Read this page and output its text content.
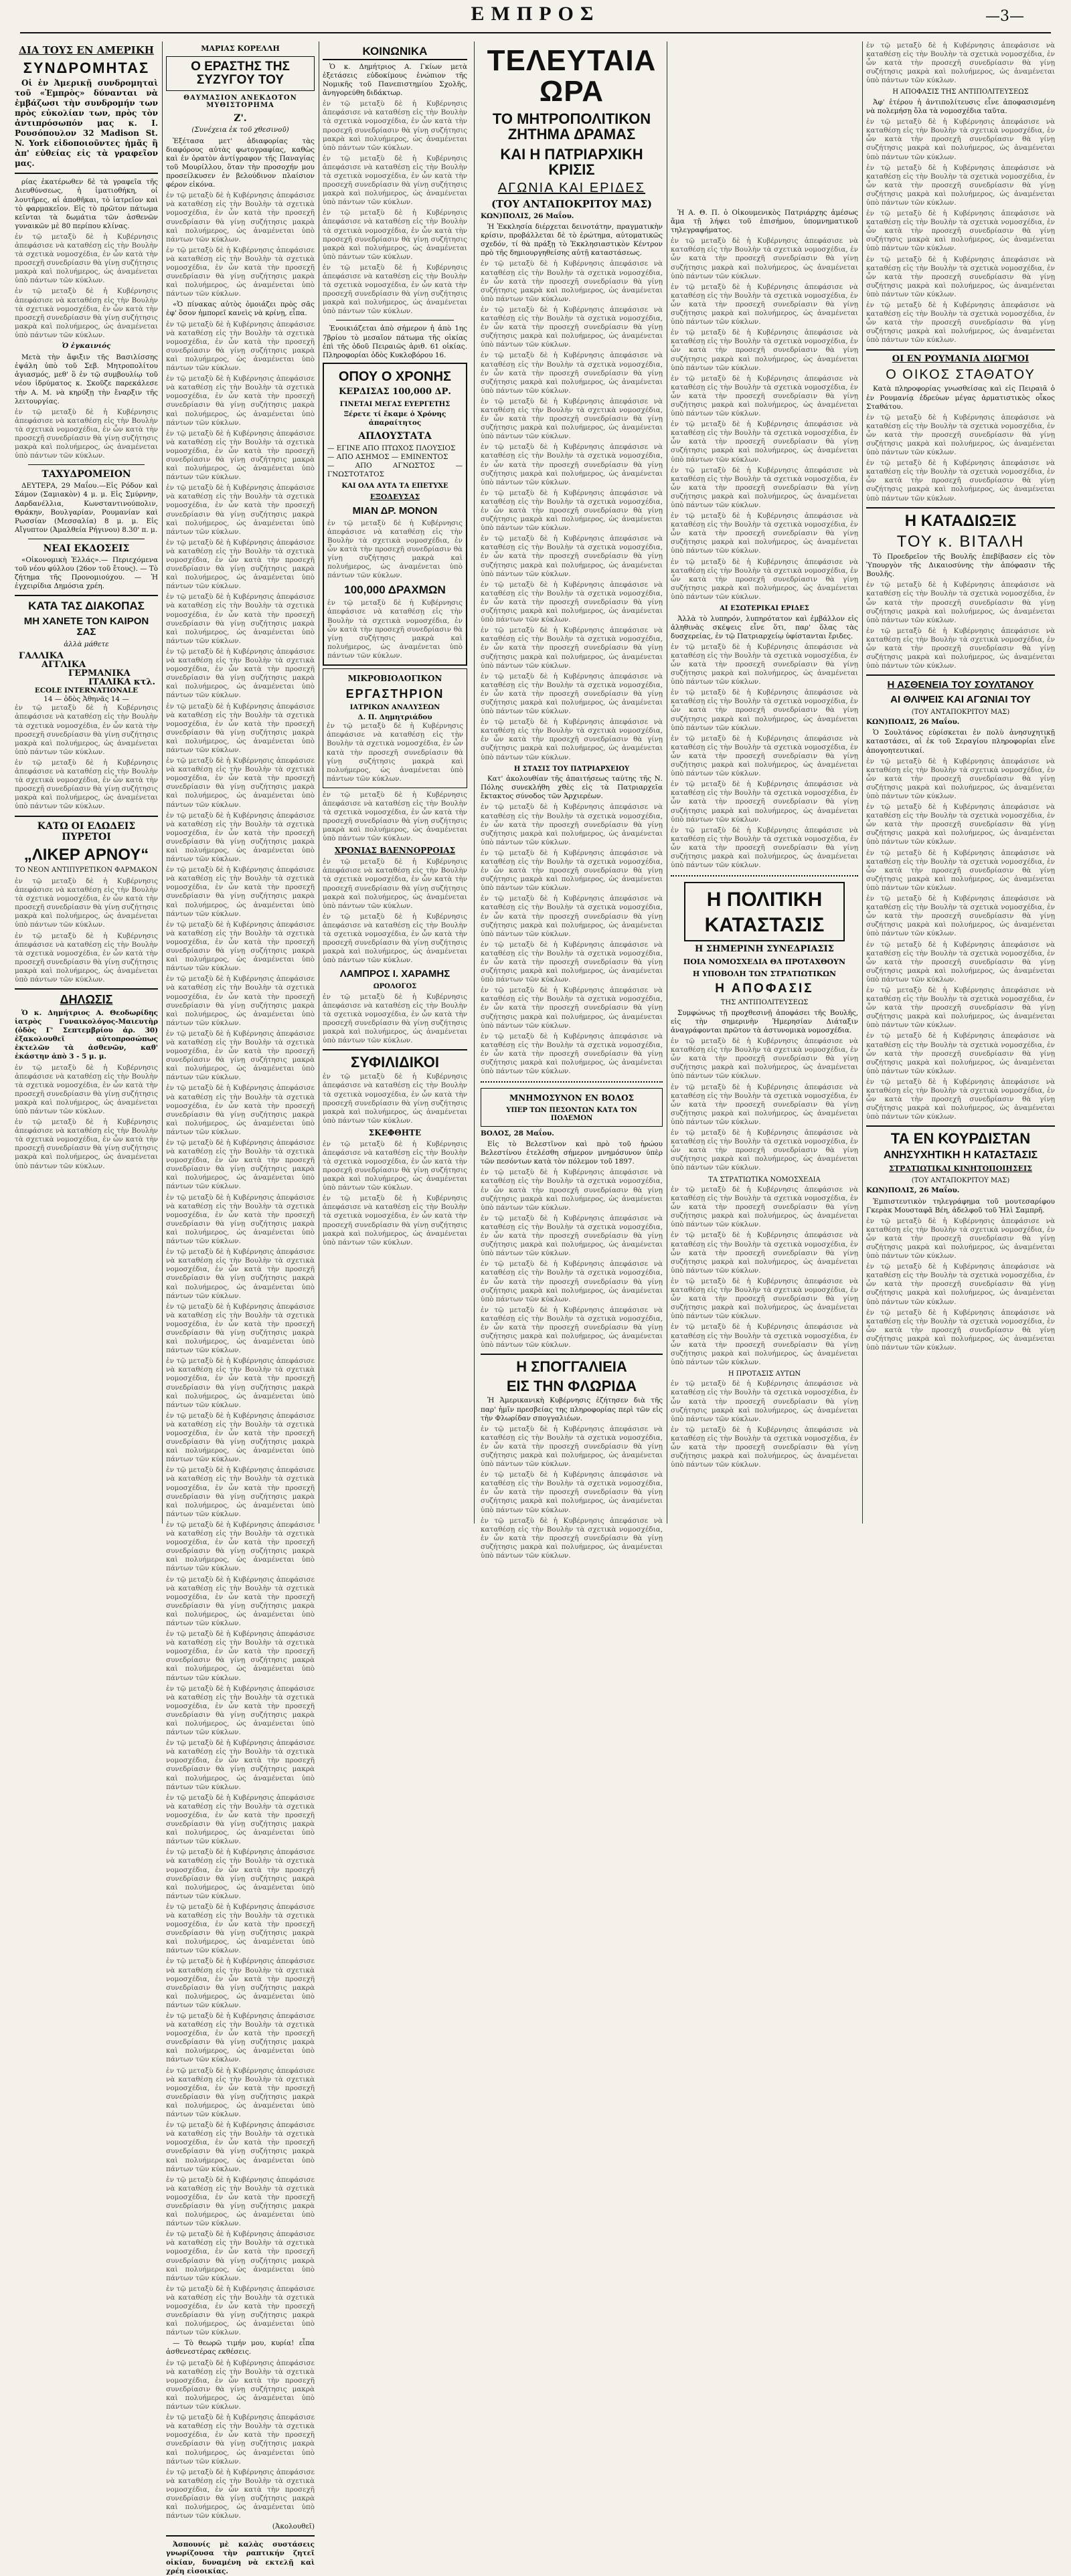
ΕΜΠΡΟΣ	—3—
ΔΙΑ ΤΟΥΣ ΕΝ ΑΜΕΡΙΚΗ
ΣΥΝΔΡΟΜΗΤΑΣ

Οἱ ἐν Ἀμερικῇ συνδρομηταὶ τοῦ «Ἐμπρὸς» δύνανται νὰ ἐμβάζωσι τὴν συνδρομήν των πρὸς εὐκολίαν των, πρὸς τὸν ἀντιπρόσωπόν μας κ. Ι. Ρουσόπουλον 32 Madison St. N. York εἰδοποιοῦντες ἡμᾶς ἢ ἀπ' εὐθείας εἰς τὰ γραφεῖον μας.

ρίας ἑκατέρωθεν δὲ τὰ γραφεῖα τῆς Διευθύνσεως, ἡ ἱματιοθήκη, οἱ λουτῆρες, αἱ ἀποθῆκαι, τὸ ἰατρεῖον καὶ τὸ φαρμακεῖον. Εἰς τὸ πρῶτον πάτωμα κεῖνται τὰ δωμάτια τῶν ἀσθενῶν γυναικῶν μὲ 80 περίπου κλίνας.

ἐν τῷ μεταξὺ δὲ ἡ Κυβέρνησις ἀπεφάσισε νὰ καταθέσῃ εἰς τὴν Βουλὴν τὰ σχετικὰ νομοσχέδια, ἐν ὧν κατὰ τὴν προσεχῆ συνεδρίασιν θὰ γίνῃ συζήτησις μακρὰ καὶ πολυήμερος, ὡς ἀναμένεται ὑπὸ πάντων τῶν κύκλων.

ἐν τῷ μεταξὺ δὲ ἡ Κυβέρνησις ἀπεφάσισε νὰ καταθέσῃ εἰς τὴν Βουλὴν τὰ σχετικὰ νομοσχέδια, ἐν ὧν κατὰ τὴν προσεχῆ συνεδρίασιν θὰ γίνῃ συζήτησις μακρὰ καὶ πολυήμερος, ὡς ἀναμένεται ὑπὸ πάντων τῶν κύκλων.

Ὁ ἐγκαινιός

Μετὰ τὴν ἄφιξιν τῆς Βασιλίσσης ἐψάλη ὑπὸ τοῦ Σεβ. Μητροπολίτου ἁγιασμός, μεθ' ὃ ἐν τῷ συμβουλίῳ τοῦ νέου ἱδρύματος κ. Σκοῦζε παρεκάλεσε τὴν Α. Μ. νὰ κηρύξῃ τὴν ἔναρξιν τῆς λειτουργίας.

ἐν τῷ μεταξὺ δὲ ἡ Κυβέρνησις ἀπεφάσισε νὰ καταθέσῃ εἰς τὴν Βουλὴν τὰ σχετικὰ νομοσχέδια, ἐν ὧν κατὰ τὴν προσεχῆ συνεδρίασιν θὰ γίνῃ συζήτησις μακρὰ καὶ πολυήμερος, ὡς ἀναμένεται ὑπὸ πάντων τῶν κύκλων.

ΤΑΧΥΔΡΟΜΕΙΟΝ

ΔΕΥΤΕΡΑ, 29 Μαΐου.—Εἰς Ρόδον καὶ Σάμον (Σαμιακὸν) 4 μ. μ. Εἰς Σμύρνην, Δαρδανέλλια, Κωνσταντινούπολιν, Θράκην, Βουλγαρίαν, Ρουμανίαν καὶ Ρωσσίαν (Μεσσαλία) 8 μ. μ. Εἰς Αἴγυπτον (Ἀμαλθεία Ρήγινου) 8.30' π. μ.

ΝΕΑΙ ΕΚΔΟΣΕΙΣ

«Οἰκονομικὴ Ἑλλάς».— Περιεχόμενα τοῦ νέου φύλλου (26ον τοῦ ἔτους). — Τὸ ζήτημα τῆς Προνομιούχου. — Ἡ ἐγχειρίδια Δημόσια χρέη.

ΚΑΤΑ ΤΑΣ ΔΙΑΚΟΠΑΣ
ΜΗ ΧΑΝΕΤΕ ΤΟΝ ΚΑΙΡΟΝ ΣΑΣ
ἀλλὰ μάθετε
ΓΑΛΛΙΚΑ
ΑΓΓΛΙΚΑ
ΓΕΡΜΑΝΙΚΑ
ΙΤΑΛΙΚΑ κτλ.
ECOLE INTERNATIONALE
14 — ὁδὸς Ἀθηνᾶς 14 —

ἐν τῷ μεταξὺ δὲ ἡ Κυβέρνησις ἀπεφάσισε νὰ καταθέσῃ εἰς τὴν Βουλὴν τὰ σχετικὰ νομοσχέδια, ἐν ὧν κατὰ τὴν προσεχῆ συνεδρίασιν θὰ γίνῃ συζήτησις μακρὰ καὶ πολυήμερος, ὡς ἀναμένεται ὑπὸ πάντων τῶν κύκλων.

ἐν τῷ μεταξὺ δὲ ἡ Κυβέρνησις ἀπεφάσισε νὰ καταθέσῃ εἰς τὴν Βουλὴν τὰ σχετικὰ νομοσχέδια, ἐν ὧν κατὰ τὴν προσεχῆ συνεδρίασιν θὰ γίνῃ συζήτησις μακρὰ καὶ πολυήμερος, ὡς ἀναμένεται ὑπὸ πάντων τῶν κύκλων.

ΚΑΤΩ ΟΙ ΕΛΩΔΕΙΣ ΠΥΡΕΤΟΙ
„ΛΙΚΕΡ ΑΡΝΟΥ“
ΤΟ ΝΕΟΝ ΑΝΤΙΠΥΡΕΤΙΚΟΝ ΦΑΡΜΑΚΟΝ

ἐν τῷ μεταξὺ δὲ ἡ Κυβέρνησις ἀπεφάσισε νὰ καταθέσῃ εἰς τὴν Βουλὴν τὰ σχετικὰ νομοσχέδια, ἐν ὧν κατὰ τὴν προσεχῆ συνεδρίασιν θὰ γίνῃ συζήτησις μακρὰ καὶ πολυήμερος, ὡς ἀναμένεται ὑπὸ πάντων τῶν κύκλων.

ἐν τῷ μεταξὺ δὲ ἡ Κυβέρνησις ἀπεφάσισε νὰ καταθέσῃ εἰς τὴν Βουλὴν τὰ σχετικὰ νομοσχέδια, ἐν ὧν κατὰ τὴν προσεχῆ συνεδρίασιν θὰ γίνῃ συζήτησις μακρὰ καὶ πολυήμερος, ὡς ἀναμένεται ὑπὸ πάντων τῶν κύκλων.

ΔΗΛΩΣΙΣ

Ὁ κ. Δημήτριος Α. Θεοδωρίδης ἰατρὸς Γυναικολόγος-Μαιευτὴρ (ὁδὸς Γ' Σεπτεμβρίου ἀρ. 30) ἐξακολουθεῖ αὐτοπροσώπως ἐκτελῶν τὰ ἀσθενῶν, καθ' ἑκάστην ἀπὸ 3 - 5 μ. μ.

ἐν τῷ μεταξὺ δὲ ἡ Κυβέρνησις ἀπεφάσισε νὰ καταθέσῃ εἰς τὴν Βουλὴν τὰ σχετικὰ νομοσχέδια, ἐν ὧν κατὰ τὴν προσεχῆ συνεδρίασιν θὰ γίνῃ συζήτησις μακρὰ καὶ πολυήμερος, ὡς ἀναμένεται ὑπὸ πάντων τῶν κύκλων.

ἐν τῷ μεταξὺ δὲ ἡ Κυβέρνησις ἀπεφάσισε νὰ καταθέσῃ εἰς τὴν Βουλὴν τὰ σχετικὰ νομοσχέδια, ἐν ὧν κατὰ τὴν προσεχῆ συνεδρίασιν θὰ γίνῃ συζήτησις μακρὰ καὶ πολυήμερος, ὡς ἀναμένεται ὑπὸ πάντων τῶν κύκλων.

ΜΑΡΙΑΣ ΚΟΡΕΛΛΗ
Ο ΕΡΑΣΤΗΣ ΤΗΣ ΣΥΖΥΓΟΥ ΤΟΥ
ΘΑΥΜΑΣΙΟΝ ΑΝΕΚΔΟΤΟΝ ΜΥΘΙΣΤΟΡΗΜΑ
Ζ'.
(Συνέχεια ἐκ τοῦ χθεσινοῦ)

Ἐξέτασα μετ' ἀδιαφορίας τὰς διαφόρους αὐτὰς φωτογραφίας, καθὼς καὶ ἐν ὀρατὸν ἀντίγραφον τῆς Παναγίας τοῦ Μουρίλλου, ὅταν τὴν προσοχήν μου προσείλκυσεν ἐν βελούδινον πλαίσιον φέρον εἰκόνα.

ἐν τῷ μεταξὺ δὲ ἡ Κυβέρνησις ἀπεφάσισε νὰ καταθέσῃ εἰς τὴν Βουλὴν τὰ σχετικὰ νομοσχέδια, ἐν ὧν κατὰ τὴν προσεχῆ συνεδρίασιν θὰ γίνῃ συζήτησις μακρὰ καὶ πολυήμερος, ὡς ἀναμένεται ὑπὸ πάντων τῶν κύκλων.

ἐν τῷ μεταξὺ δὲ ἡ Κυβέρνησις ἀπεφάσισε νὰ καταθέσῃ εἰς τὴν Βουλὴν τὰ σχετικὰ νομοσχέδια, ἐν ὧν κατὰ τὴν προσεχῆ συνεδρίασιν θὰ γίνῃ συζήτησις μακρὰ καὶ πολυήμερος, ὡς ἀναμένεται ὑπὸ πάντων τῶν κύκλων.

«Ὁ πίνακας αὐτὸς ὁμοιάζει πρὸς σᾶς ἐφ' ὅσον ἠμπορεῖ κανεὶς νὰ κρίνῃ, εἶπα.

ἐν τῷ μεταξὺ δὲ ἡ Κυβέρνησις ἀπεφάσισε νὰ καταθέσῃ εἰς τὴν Βουλὴν τὰ σχετικὰ νομοσχέδια, ἐν ὧν κατὰ τὴν προσεχῆ συνεδρίασιν θὰ γίνῃ συζήτησις μακρὰ καὶ πολυήμερος, ὡς ἀναμένεται ὑπὸ πάντων τῶν κύκλων.

ἐν τῷ μεταξὺ δὲ ἡ Κυβέρνησις ἀπεφάσισε νὰ καταθέσῃ εἰς τὴν Βουλὴν τὰ σχετικὰ νομοσχέδια, ἐν ὧν κατὰ τὴν προσεχῆ συνεδρίασιν θὰ γίνῃ συζήτησις μακρὰ καὶ πολυήμερος, ὡς ἀναμένεται ὑπὸ πάντων τῶν κύκλων.

ἐν τῷ μεταξὺ δὲ ἡ Κυβέρνησις ἀπεφάσισε νὰ καταθέσῃ εἰς τὴν Βουλὴν τὰ σχετικὰ νομοσχέδια, ἐν ὧν κατὰ τὴν προσεχῆ συνεδρίασιν θὰ γίνῃ συζήτησις μακρὰ καὶ πολυήμερος, ὡς ἀναμένεται ὑπὸ πάντων τῶν κύκλων.

ἐν τῷ μεταξὺ δὲ ἡ Κυβέρνησις ἀπεφάσισε νὰ καταθέσῃ εἰς τὴν Βουλὴν τὰ σχετικὰ νομοσχέδια, ἐν ὧν κατὰ τὴν προσεχῆ συνεδρίασιν θὰ γίνῃ συζήτησις μακρὰ καὶ πολυήμερος, ὡς ἀναμένεται ὑπὸ πάντων τῶν κύκλων.

ἐν τῷ μεταξὺ δὲ ἡ Κυβέρνησις ἀπεφάσισε νὰ καταθέσῃ εἰς τὴν Βουλὴν τὰ σχετικὰ νομοσχέδια, ἐν ὧν κατὰ τὴν προσεχῆ συνεδρίασιν θὰ γίνῃ συζήτησις μακρὰ καὶ πολυήμερος, ὡς ἀναμένεται ὑπὸ πάντων τῶν κύκλων.

ἐν τῷ μεταξὺ δὲ ἡ Κυβέρνησις ἀπεφάσισε νὰ καταθέσῃ εἰς τὴν Βουλὴν τὰ σχετικὰ νομοσχέδια, ἐν ὧν κατὰ τὴν προσεχῆ συνεδρίασιν θὰ γίνῃ συζήτησις μακρὰ καὶ πολυήμερος, ὡς ἀναμένεται ὑπὸ πάντων τῶν κύκλων.

ἐν τῷ μεταξὺ δὲ ἡ Κυβέρνησις ἀπεφάσισε νὰ καταθέσῃ εἰς τὴν Βουλὴν τὰ σχετικὰ νομοσχέδια, ἐν ὧν κατὰ τὴν προσεχῆ συνεδρίασιν θὰ γίνῃ συζήτησις μακρὰ καὶ πολυήμερος, ὡς ἀναμένεται ὑπὸ πάντων τῶν κύκλων.

ἐν τῷ μεταξὺ δὲ ἡ Κυβέρνησις ἀπεφάσισε νὰ καταθέσῃ εἰς τὴν Βουλὴν τὰ σχετικὰ νομοσχέδια, ἐν ὧν κατὰ τὴν προσεχῆ συνεδρίασιν θὰ γίνῃ συζήτησις μακρὰ καὶ πολυήμερος, ὡς ἀναμένεται ὑπὸ πάντων τῶν κύκλων.

ἐν τῷ μεταξὺ δὲ ἡ Κυβέρνησις ἀπεφάσισε νὰ καταθέσῃ εἰς τὴν Βουλὴν τὰ σχετικὰ νομοσχέδια, ἐν ὧν κατὰ τὴν προσεχῆ συνεδρίασιν θὰ γίνῃ συζήτησις μακρὰ καὶ πολυήμερος, ὡς ἀναμένεται ὑπὸ πάντων τῶν κύκλων.

ἐν τῷ μεταξὺ δὲ ἡ Κυβέρνησις ἀπεφάσισε νὰ καταθέσῃ εἰς τὴν Βουλὴν τὰ σχετικὰ νομοσχέδια, ἐν ὧν κατὰ τὴν προσεχῆ συνεδρίασιν θὰ γίνῃ συζήτησις μακρὰ καὶ πολυήμερος, ὡς ἀναμένεται ὑπὸ πάντων τῶν κύκλων.

ἐν τῷ μεταξὺ δὲ ἡ Κυβέρνησις ἀπεφάσισε νὰ καταθέσῃ εἰς τὴν Βουλὴν τὰ σχετικὰ νομοσχέδια, ἐν ὧν κατὰ τὴν προσεχῆ συνεδρίασιν θὰ γίνῃ συζήτησις μακρὰ καὶ πολυήμερος, ὡς ἀναμένεται ὑπὸ πάντων τῶν κύκλων.

ἐν τῷ μεταξὺ δὲ ἡ Κυβέρνησις ἀπεφάσισε νὰ καταθέσῃ εἰς τὴν Βουλὴν τὰ σχετικὰ νομοσχέδια, ἐν ὧν κατὰ τὴν προσεχῆ συνεδρίασιν θὰ γίνῃ συζήτησις μακρὰ καὶ πολυήμερος, ὡς ἀναμένεται ὑπὸ πάντων τῶν κύκλων.

ἐν τῷ μεταξὺ δὲ ἡ Κυβέρνησις ἀπεφάσισε νὰ καταθέσῃ εἰς τὴν Βουλὴν τὰ σχετικὰ νομοσχέδια, ἐν ὧν κατὰ τὴν προσεχῆ συνεδρίασιν θὰ γίνῃ συζήτησις μακρὰ καὶ πολυήμερος, ὡς ἀναμένεται ὑπὸ πάντων τῶν κύκλων.

ἐν τῷ μεταξὺ δὲ ἡ Κυβέρνησις ἀπεφάσισε νὰ καταθέσῃ εἰς τὴν Βουλὴν τὰ σχετικὰ νομοσχέδια, ἐν ὧν κατὰ τὴν προσεχῆ συνεδρίασιν θὰ γίνῃ συζήτησις μακρὰ καὶ πολυήμερος, ὡς ἀναμένεται ὑπὸ πάντων τῶν κύκλων.

ἐν τῷ μεταξὺ δὲ ἡ Κυβέρνησις ἀπεφάσισε νὰ καταθέσῃ εἰς τὴν Βουλὴν τὰ σχετικὰ νομοσχέδια, ἐν ὧν κατὰ τὴν προσεχῆ συνεδρίασιν θὰ γίνῃ συζήτησις μακρὰ καὶ πολυήμερος, ὡς ἀναμένεται ὑπὸ πάντων τῶν κύκλων.

ἐν τῷ μεταξὺ δὲ ἡ Κυβέρνησις ἀπεφάσισε νὰ καταθέσῃ εἰς τὴν Βουλὴν τὰ σχετικὰ νομοσχέδια, ἐν ὧν κατὰ τὴν προσεχῆ συνεδρίασιν θὰ γίνῃ συζήτησις μακρὰ καὶ πολυήμερος, ὡς ἀναμένεται ὑπὸ πάντων τῶν κύκλων.

ἐν τῷ μεταξὺ δὲ ἡ Κυβέρνησις ἀπεφάσισε νὰ καταθέσῃ εἰς τὴν Βουλὴν τὰ σχετικὰ νομοσχέδια, ἐν ὧν κατὰ τὴν προσεχῆ συνεδρίασιν θὰ γίνῃ συζήτησις μακρὰ καὶ πολυήμερος, ὡς ἀναμένεται ὑπὸ πάντων τῶν κύκλων.

ἐν τῷ μεταξὺ δὲ ἡ Κυβέρνησις ἀπεφάσισε νὰ καταθέσῃ εἰς τὴν Βουλὴν τὰ σχετικὰ νομοσχέδια, ἐν ὧν κατὰ τὴν προσεχῆ συνεδρίασιν θὰ γίνῃ συζήτησις μακρὰ καὶ πολυήμερος, ὡς ἀναμένεται ὑπὸ πάντων τῶν κύκλων.

ἐν τῷ μεταξὺ δὲ ἡ Κυβέρνησις ἀπεφάσισε νὰ καταθέσῃ εἰς τὴν Βουλὴν τὰ σχετικὰ νομοσχέδια, ἐν ὧν κατὰ τὴν προσεχῆ συνεδρίασιν θὰ γίνῃ συζήτησις μακρὰ καὶ πολυήμερος, ὡς ἀναμένεται ὑπὸ πάντων τῶν κύκλων.

ἐν τῷ μεταξὺ δὲ ἡ Κυβέρνησις ἀπεφάσισε νὰ καταθέσῃ εἰς τὴν Βουλὴν τὰ σχετικὰ νομοσχέδια, ἐν ὧν κατὰ τὴν προσεχῆ συνεδρίασιν θὰ γίνῃ συζήτησις μακρὰ καὶ πολυήμερος, ὡς ἀναμένεται ὑπὸ πάντων τῶν κύκλων.

ἐν τῷ μεταξὺ δὲ ἡ Κυβέρνησις ἀπεφάσισε νὰ καταθέσῃ εἰς τὴν Βουλὴν τὰ σχετικὰ νομοσχέδια, ἐν ὧν κατὰ τὴν προσεχῆ συνεδρίασιν θὰ γίνῃ συζήτησις μακρὰ καὶ πολυήμερος, ὡς ἀναμένεται ὑπὸ πάντων τῶν κύκλων.

ἐν τῷ μεταξὺ δὲ ἡ Κυβέρνησις ἀπεφάσισε νὰ καταθέσῃ εἰς τὴν Βουλὴν τὰ σχετικὰ νομοσχέδια, ἐν ὧν κατὰ τὴν προσεχῆ συνεδρίασιν θὰ γίνῃ συζήτησις μακρὰ καὶ πολυήμερος, ὡς ἀναμένεται ὑπὸ πάντων τῶν κύκλων.

ἐν τῷ μεταξὺ δὲ ἡ Κυβέρνησις ἀπεφάσισε νὰ καταθέσῃ εἰς τὴν Βουλὴν τὰ σχετικὰ νομοσχέδια, ἐν ὧν κατὰ τὴν προσεχῆ συνεδρίασιν θὰ γίνῃ συζήτησις μακρὰ καὶ πολυήμερος, ὡς ἀναμένεται ὑπὸ πάντων τῶν κύκλων.

ἐν τῷ μεταξὺ δὲ ἡ Κυβέρνησις ἀπεφάσισε νὰ καταθέσῃ εἰς τὴν Βουλὴν τὰ σχετικὰ νομοσχέδια, ἐν ὧν κατὰ τὴν προσεχῆ συνεδρίασιν θὰ γίνῃ συζήτησις μακρὰ καὶ πολυήμερος, ὡς ἀναμένεται ὑπὸ πάντων τῶν κύκλων.

ἐν τῷ μεταξὺ δὲ ἡ Κυβέρνησις ἀπεφάσισε νὰ καταθέσῃ εἰς τὴν Βουλὴν τὰ σχετικὰ νομοσχέδια, ἐν ὧν κατὰ τὴν προσεχῆ συνεδρίασιν θὰ γίνῃ συζήτησις μακρὰ καὶ πολυήμερος, ὡς ἀναμένεται ὑπὸ πάντων τῶν κύκλων.

ἐν τῷ μεταξὺ δὲ ἡ Κυβέρνησις ἀπεφάσισε νὰ καταθέσῃ εἰς τὴν Βουλὴν τὰ σχετικὰ νομοσχέδια, ἐν ὧν κατὰ τὴν προσεχῆ συνεδρίασιν θὰ γίνῃ συζήτησις μακρὰ καὶ πολυήμερος, ὡς ἀναμένεται ὑπὸ πάντων τῶν κύκλων.

ἐν τῷ μεταξὺ δὲ ἡ Κυβέρνησις ἀπεφάσισε νὰ καταθέσῃ εἰς τὴν Βουλὴν τὰ σχετικὰ νομοσχέδια, ἐν ὧν κατὰ τὴν προσεχῆ συνεδρίασιν θὰ γίνῃ συζήτησις μακρὰ καὶ πολυήμερος, ὡς ἀναμένεται ὑπὸ πάντων τῶν κύκλων.

ἐν τῷ μεταξὺ δὲ ἡ Κυβέρνησις ἀπεφάσισε νὰ καταθέσῃ εἰς τὴν Βουλὴν τὰ σχετικὰ νομοσχέδια, ἐν ὧν κατὰ τὴν προσεχῆ συνεδρίασιν θὰ γίνῃ συζήτησις μακρὰ καὶ πολυήμερος, ὡς ἀναμένεται ὑπὸ πάντων τῶν κύκλων.

ἐν τῷ μεταξὺ δὲ ἡ Κυβέρνησις ἀπεφάσισε νὰ καταθέσῃ εἰς τὴν Βουλὴν τὰ σχετικὰ νομοσχέδια, ἐν ὧν κατὰ τὴν προσεχῆ συνεδρίασιν θὰ γίνῃ συζήτησις μακρὰ καὶ πολυήμερος, ὡς ἀναμένεται ὑπὸ πάντων τῶν κύκλων.

ἐν τῷ μεταξὺ δὲ ἡ Κυβέρνησις ἀπεφάσισε νὰ καταθέσῃ εἰς τὴν Βουλὴν τὰ σχετικὰ νομοσχέδια, ἐν ὧν κατὰ τὴν προσεχῆ συνεδρίασιν θὰ γίνῃ συζήτησις μακρὰ καὶ πολυήμερος, ὡς ἀναμένεται ὑπὸ πάντων τῶν κύκλων.

ἐν τῷ μεταξὺ δὲ ἡ Κυβέρνησις ἀπεφάσισε νὰ καταθέσῃ εἰς τὴν Βουλὴν τὰ σχετικὰ νομοσχέδια, ἐν ὧν κατὰ τὴν προσεχῆ συνεδρίασιν θὰ γίνῃ συζήτησις μακρὰ καὶ πολυήμερος, ὡς ἀναμένεται ὑπὸ πάντων τῶν κύκλων.

ἐν τῷ μεταξὺ δὲ ἡ Κυβέρνησις ἀπεφάσισε νὰ καταθέσῃ εἰς τὴν Βουλὴν τὰ σχετικὰ νομοσχέδια, ἐν ὧν κατὰ τὴν προσεχῆ συνεδρίασιν θὰ γίνῃ συζήτησις μακρὰ καὶ πολυήμερος, ὡς ἀναμένεται ὑπὸ πάντων τῶν κύκλων.

ἐν τῷ μεταξὺ δὲ ἡ Κυβέρνησις ἀπεφάσισε νὰ καταθέσῃ εἰς τὴν Βουλὴν τὰ σχετικὰ νομοσχέδια, ἐν ὧν κατὰ τὴν προσεχῆ συνεδρίασιν θὰ γίνῃ συζήτησις μακρὰ καὶ πολυήμερος, ὡς ἀναμένεται ὑπὸ πάντων τῶν κύκλων.

ἐν τῷ μεταξὺ δὲ ἡ Κυβέρνησις ἀπεφάσισε νὰ καταθέσῃ εἰς τὴν Βουλὴν τὰ σχετικὰ νομοσχέδια, ἐν ὧν κατὰ τὴν προσεχῆ συνεδρίασιν θὰ γίνῃ συζήτησις μακρὰ καὶ πολυήμερος, ὡς ἀναμένεται ὑπὸ πάντων τῶν κύκλων.

ἐν τῷ μεταξὺ δὲ ἡ Κυβέρνησις ἀπεφάσισε νὰ καταθέσῃ εἰς τὴν Βουλὴν τὰ σχετικὰ νομοσχέδια, ἐν ὧν κατὰ τὴν προσεχῆ συνεδρίασιν θὰ γίνῃ συζήτησις μακρὰ καὶ πολυήμερος, ὡς ἀναμένεται ὑπὸ πάντων τῶν κύκλων.

ἐν τῷ μεταξὺ δὲ ἡ Κυβέρνησις ἀπεφάσισε νὰ καταθέσῃ εἰς τὴν Βουλὴν τὰ σχετικὰ νομοσχέδια, ἐν ὧν κατὰ τὴν προσεχῆ συνεδρίασιν θὰ γίνῃ συζήτησις μακρὰ καὶ πολυήμερος, ὡς ἀναμένεται ὑπὸ πάντων τῶν κύκλων.

ἐν τῷ μεταξὺ δὲ ἡ Κυβέρνησις ἀπεφάσισε νὰ καταθέσῃ εἰς τὴν Βουλὴν τὰ σχετικὰ νομοσχέδια, ἐν ὧν κατὰ τὴν προσεχῆ συνεδρίασιν θὰ γίνῃ συζήτησις μακρὰ καὶ πολυήμερος, ὡς ἀναμένεται ὑπὸ πάντων τῶν κύκλων.

— Τὸ θεωρῶ τιμήν μου, κυρία! εἶπα ἀσθενεστέρας εκθέσεις.

ἐν τῷ μεταξὺ δὲ ἡ Κυβέρνησις ἀπεφάσισε νὰ καταθέσῃ εἰς τὴν Βουλὴν τὰ σχετικὰ νομοσχέδια, ἐν ὧν κατὰ τὴν προσεχῆ συνεδρίασιν θὰ γίνῃ συζήτησις μακρὰ καὶ πολυήμερος, ὡς ἀναμένεται ὑπὸ πάντων τῶν κύκλων.

ἐν τῷ μεταξὺ δὲ ἡ Κυβέρνησις ἀπεφάσισε νὰ καταθέσῃ εἰς τὴν Βουλὴν τὰ σχετικὰ νομοσχέδια, ἐν ὧν κατὰ τὴν προσεχῆ συνεδρίασιν θὰ γίνῃ συζήτησις μακρὰ καὶ πολυήμερος, ὡς ἀναμένεται ὑπὸ πάντων τῶν κύκλων.

ἐν τῷ μεταξὺ δὲ ἡ Κυβέρνησις ἀπεφάσισε νὰ καταθέσῃ εἰς τὴν Βουλὴν τὰ σχετικὰ νομοσχέδια, ἐν ὧν κατὰ τὴν προσεχῆ συνεδρίασιν θὰ γίνῃ συζήτησις μακρὰ καὶ πολυήμερος, ὡς ἀναμένεται ὑπὸ πάντων τῶν κύκλων.

(Ἀκολουθεῖ)

Ἀσπουνίς μὲ καλὰς συστάσεις γνωρίζουσα τὴν ραπτικήν ζητεῖ οἰκίαν, δυναμένη νὰ εκτελῇ καὶ χρέη εἰσοικίας.

ΚΟΙΝΩΝΙΚΑ

Ὁ κ. Δημήτριος Α. Γκίων μετὰ ἐξετάσεις εὐδοκίμους ἐνώπιον τῆς Νομικῆς τοῦ Πανεπιστημίου Σχολῆς, ἀνηγορεύθη διδάκτωρ.

ἐν τῷ μεταξὺ δὲ ἡ Κυβέρνησις ἀπεφάσισε νὰ καταθέσῃ εἰς τὴν Βουλὴν τὰ σχετικὰ νομοσχέδια, ἐν ὧν κατὰ τὴν προσεχῆ συνεδρίασιν θὰ γίνῃ συζήτησις μακρὰ καὶ πολυήμερος, ὡς ἀναμένεται ὑπὸ πάντων τῶν κύκλων.

ἐν τῷ μεταξὺ δὲ ἡ Κυβέρνησις ἀπεφάσισε νὰ καταθέσῃ εἰς τὴν Βουλὴν τὰ σχετικὰ νομοσχέδια, ἐν ὧν κατὰ τὴν προσεχῆ συνεδρίασιν θὰ γίνῃ συζήτησις μακρὰ καὶ πολυήμερος, ὡς ἀναμένεται ὑπὸ πάντων τῶν κύκλων.

ἐν τῷ μεταξὺ δὲ ἡ Κυβέρνησις ἀπεφάσισε νὰ καταθέσῃ εἰς τὴν Βουλὴν τὰ σχετικὰ νομοσχέδια, ἐν ὧν κατὰ τὴν προσεχῆ συνεδρίασιν θὰ γίνῃ συζήτησις μακρὰ καὶ πολυήμερος, ὡς ἀναμένεται ὑπὸ πάντων τῶν κύκλων.

ἐν τῷ μεταξὺ δὲ ἡ Κυβέρνησις ἀπεφάσισε νὰ καταθέσῃ εἰς τὴν Βουλὴν τὰ σχετικὰ νομοσχέδια, ἐν ὧν κατὰ τὴν προσεχῆ συνεδρίασιν θὰ γίνῃ συζήτησις μακρὰ καὶ πολυήμερος, ὡς ἀναμένεται ὑπὸ πάντων τῶν κύκλων.

Ἐνοικιάζεται ἀπὸ σήμερον ἡ ἀπὸ 1ης 7βρίου τὸ μεσαῖον πάτωμα τῆς οἰκίας ἐπὶ τῆς ὁδοῦ Πειραιῶς ἀριθ. 61 οἰκίας. Πληροφορίαι ὁδὸς Κυκλοβόρου 16.

ΟΠΟΥ Ο ΧΡΟΝΗΣ
ΚΕΡΔΙΣΑΣ 100,000 ΔΡ.
ΓΙΝΕΤΑΙ ΜΕΓΑΣ ΕΥΕΡΓΕΤΗΣ

Ξέρετε τί ἔκαμε ὁ Χρόνης ἀπαραίτητος

ΑΠΛΟΥΣΤΑΤΑ
— ΕΓΙΝΕ ΑΠΟ ΠΤΩΧΟΣ ΠΛΟΥΣΙΟΣ
— ΑΠΟ ΑΣΗΜΟΣ — ΕΜΙΝΕΝΤΟΣ
— ΑΠΟ ΑΓΝΩΣΤΟΣ — ΓΝΩΣΤΟΤΑΤΟΣ
ΚΑΙ ΟΛΑ ΑΥΤΑ ΤΑ ΕΠΕΤΥΧΕ
ΕΞΟΔΕΥΣΑΣ
ΜΙΑΝ ΔΡ. ΜΟΝΟΝ

ἐν τῷ μεταξὺ δὲ ἡ Κυβέρνησις ἀπεφάσισε νὰ καταθέσῃ εἰς τὴν Βουλὴν τὰ σχετικὰ νομοσχέδια, ἐν ὧν κατὰ τὴν προσεχῆ συνεδρίασιν θὰ γίνῃ συζήτησις μακρὰ καὶ πολυήμερος, ὡς ἀναμένεται ὑπὸ πάντων τῶν κύκλων.

100,000 ΔΡΑΧΜΩΝ

ἐν τῷ μεταξὺ δὲ ἡ Κυβέρνησις ἀπεφάσισε νὰ καταθέσῃ εἰς τὴν Βουλὴν τὰ σχετικὰ νομοσχέδια, ἐν ὧν κατὰ τὴν προσεχῆ συνεδρίασιν θὰ γίνῃ συζήτησις μακρὰ καὶ πολυήμερος, ὡς ἀναμένεται ὑπὸ πάντων τῶν κύκλων.

ΜΙΚΡΟΒΙΟΛΟΓΙΚΟΝ
ΕΡΓΑΣΤΗΡΙΟΝ
ΙΑΤΡΙΚΩΝ ΑΝΑΛΥΣΕΩΝ
Δ. Π. Δημητριάδου

ἐν τῷ μεταξὺ δὲ ἡ Κυβέρνησις ἀπεφάσισε νὰ καταθέσῃ εἰς τὴν Βουλὴν τὰ σχετικὰ νομοσχέδια, ἐν ὧν κατὰ τὴν προσεχῆ συνεδρίασιν θὰ γίνῃ συζήτησις μακρὰ καὶ πολυήμερος, ὡς ἀναμένεται ὑπὸ πάντων τῶν κύκλων.

ἐν τῷ μεταξὺ δὲ ἡ Κυβέρνησις ἀπεφάσισε νὰ καταθέσῃ εἰς τὴν Βουλὴν τὰ σχετικὰ νομοσχέδια, ἐν ὧν κατὰ τὴν προσεχῆ συνεδρίασιν θὰ γίνῃ συζήτησις μακρὰ καὶ πολυήμερος, ὡς ἀναμένεται ὑπὸ πάντων τῶν κύκλων.

ΧΡΟΝΙΑΣ ΒΛΕΝΝΟΡΡΟΙΑΣ

ἐν τῷ μεταξὺ δὲ ἡ Κυβέρνησις ἀπεφάσισε νὰ καταθέσῃ εἰς τὴν Βουλὴν τὰ σχετικὰ νομοσχέδια, ἐν ὧν κατὰ τὴν προσεχῆ συνεδρίασιν θὰ γίνῃ συζήτησις μακρὰ καὶ πολυήμερος, ὡς ἀναμένεται ὑπὸ πάντων τῶν κύκλων.

ἐν τῷ μεταξὺ δὲ ἡ Κυβέρνησις ἀπεφάσισε νὰ καταθέσῃ εἰς τὴν Βουλὴν τὰ σχετικὰ νομοσχέδια, ἐν ὧν κατὰ τὴν προσεχῆ συνεδρίασιν θὰ γίνῃ συζήτησις μακρὰ καὶ πολυήμερος, ὡς ἀναμένεται ὑπὸ πάντων τῶν κύκλων.

ΛΑΜΠΡΟΣ Ι. ΧΑΡΑΜΗΣ
ΩΡΟΛΟΓΟΣ

ἐν τῷ μεταξὺ δὲ ἡ Κυβέρνησις ἀπεφάσισε νὰ καταθέσῃ εἰς τὴν Βουλὴν τὰ σχετικὰ νομοσχέδια, ἐν ὧν κατὰ τὴν προσεχῆ συνεδρίασιν θὰ γίνῃ συζήτησις μακρὰ καὶ πολυήμερος, ὡς ἀναμένεται ὑπὸ πάντων τῶν κύκλων.

ΣΥΦΙΛΙΔΙΚΟΙ

ἐν τῷ μεταξὺ δὲ ἡ Κυβέρνησις ἀπεφάσισε νὰ καταθέσῃ εἰς τὴν Βουλὴν τὰ σχετικὰ νομοσχέδια, ἐν ὧν κατὰ τὴν προσεχῆ συνεδρίασιν θὰ γίνῃ συζήτησις μακρὰ καὶ πολυήμερος, ὡς ἀναμένεται ὑπὸ πάντων τῶν κύκλων.

ΣΚΕΦΘΗΤΕ

ἐν τῷ μεταξὺ δὲ ἡ Κυβέρνησις ἀπεφάσισε νὰ καταθέσῃ εἰς τὴν Βουλὴν τὰ σχετικὰ νομοσχέδια, ἐν ὧν κατὰ τὴν προσεχῆ συνεδρίασιν θὰ γίνῃ συζήτησις μακρὰ καὶ πολυήμερος, ὡς ἀναμένεται ὑπὸ πάντων τῶν κύκλων.

ἐν τῷ μεταξὺ δὲ ἡ Κυβέρνησις ἀπεφάσισε νὰ καταθέσῃ εἰς τὴν Βουλὴν τὰ σχετικὰ νομοσχέδια, ἐν ὧν κατὰ τὴν προσεχῆ συνεδρίασιν θὰ γίνῃ συζήτησις μακρὰ καὶ πολυήμερος, ὡς ἀναμένεται ὑπὸ πάντων τῶν κύκλων.

ΤΕΛΕΥΤΑΙΑ ΩΡΑ
ΤΟ ΜΗΤΡΟΠΟΛΙΤΙΚΟΝ ΖΗΤΗΜΑ ΔΡΑΜΑΣ
ΚΑΙ Η ΠΑΤΡΙΑΡΧΙΚΗ ΚΡΙΣΙΣ
ΑΓΩΝΙΑ ΚΑΙ ΕΡΙΔΕΣ
(ΤΟΥ ΑΝΤΑΠΟΚΡΙΤΟΥ ΜΑΣ)

ΚΩΝ)ΠΟΛΙΣ, 26 Μαΐου.

Ἡ Ἐκκλησία διέρχεται δεινοτάτην, πραγματικὴν κρίσιν, προβάλλεται δὲ τὸ ἐρώτημα, αὐτοματικῶς σχεδόν, τί θὰ πράξῃ τὸ Ἐκκλησιαστικὸν Κέντρον πρὸ τῆς δημιουργηθείσης αὐτῇ καταστάσεως.

ἐν τῷ μεταξὺ δὲ ἡ Κυβέρνησις ἀπεφάσισε νὰ καταθέσῃ εἰς τὴν Βουλὴν τὰ σχετικὰ νομοσχέδια, ἐν ὧν κατὰ τὴν προσεχῆ συνεδρίασιν θὰ γίνῃ συζήτησις μακρὰ καὶ πολυήμερος, ὡς ἀναμένεται ὑπὸ πάντων τῶν κύκλων.

ἐν τῷ μεταξὺ δὲ ἡ Κυβέρνησις ἀπεφάσισε νὰ καταθέσῃ εἰς τὴν Βουλὴν τὰ σχετικὰ νομοσχέδια, ἐν ὧν κατὰ τὴν προσεχῆ συνεδρίασιν θὰ γίνῃ συζήτησις μακρὰ καὶ πολυήμερος, ὡς ἀναμένεται ὑπὸ πάντων τῶν κύκλων.

ἐν τῷ μεταξὺ δὲ ἡ Κυβέρνησις ἀπεφάσισε νὰ καταθέσῃ εἰς τὴν Βουλὴν τὰ σχετικὰ νομοσχέδια, ἐν ὧν κατὰ τὴν προσεχῆ συνεδρίασιν θὰ γίνῃ συζήτησις μακρὰ καὶ πολυήμερος, ὡς ἀναμένεται ὑπὸ πάντων τῶν κύκλων.

ἐν τῷ μεταξὺ δὲ ἡ Κυβέρνησις ἀπεφάσισε νὰ καταθέσῃ εἰς τὴν Βουλὴν τὰ σχετικὰ νομοσχέδια, ἐν ὧν κατὰ τὴν προσεχῆ συνεδρίασιν θὰ γίνῃ συζήτησις μακρὰ καὶ πολυήμερος, ὡς ἀναμένεται ὑπὸ πάντων τῶν κύκλων.

ἐν τῷ μεταξὺ δὲ ἡ Κυβέρνησις ἀπεφάσισε νὰ καταθέσῃ εἰς τὴν Βουλὴν τὰ σχετικὰ νομοσχέδια, ἐν ὧν κατὰ τὴν προσεχῆ συνεδρίασιν θὰ γίνῃ συζήτησις μακρὰ καὶ πολυήμερος, ὡς ἀναμένεται ὑπὸ πάντων τῶν κύκλων.

ἐν τῷ μεταξὺ δὲ ἡ Κυβέρνησις ἀπεφάσισε νὰ καταθέσῃ εἰς τὴν Βουλὴν τὰ σχετικὰ νομοσχέδια, ἐν ὧν κατὰ τὴν προσεχῆ συνεδρίασιν θὰ γίνῃ συζήτησις μακρὰ καὶ πολυήμερος, ὡς ἀναμένεται ὑπὸ πάντων τῶν κύκλων.

ἐν τῷ μεταξὺ δὲ ἡ Κυβέρνησις ἀπεφάσισε νὰ καταθέσῃ εἰς τὴν Βουλὴν τὰ σχετικὰ νομοσχέδια, ἐν ὧν κατὰ τὴν προσεχῆ συνεδρίασιν θὰ γίνῃ συζήτησις μακρὰ καὶ πολυήμερος, ὡς ἀναμένεται ὑπὸ πάντων τῶν κύκλων.

ἐν τῷ μεταξὺ δὲ ἡ Κυβέρνησις ἀπεφάσισε νὰ καταθέσῃ εἰς τὴν Βουλὴν τὰ σχετικὰ νομοσχέδια, ἐν ὧν κατὰ τὴν προσεχῆ συνεδρίασιν θὰ γίνῃ συζήτησις μακρὰ καὶ πολυήμερος, ὡς ἀναμένεται ὑπὸ πάντων τῶν κύκλων.

ἐν τῷ μεταξὺ δὲ ἡ Κυβέρνησις ἀπεφάσισε νὰ καταθέσῃ εἰς τὴν Βουλὴν τὰ σχετικὰ νομοσχέδια, ἐν ὧν κατὰ τὴν προσεχῆ συνεδρίασιν θὰ γίνῃ συζήτησις μακρὰ καὶ πολυήμερος, ὡς ἀναμένεται ὑπὸ πάντων τῶν κύκλων.

ἐν τῷ μεταξὺ δὲ ἡ Κυβέρνησις ἀπεφάσισε νὰ καταθέσῃ εἰς τὴν Βουλὴν τὰ σχετικὰ νομοσχέδια, ἐν ὧν κατὰ τὴν προσεχῆ συνεδρίασιν θὰ γίνῃ συζήτησις μακρὰ καὶ πολυήμερος, ὡς ἀναμένεται ὑπὸ πάντων τῶν κύκλων.

ἐν τῷ μεταξὺ δὲ ἡ Κυβέρνησις ἀπεφάσισε νὰ καταθέσῃ εἰς τὴν Βουλὴν τὰ σχετικὰ νομοσχέδια, ἐν ὧν κατὰ τὴν προσεχῆ συνεδρίασιν θὰ γίνῃ συζήτησις μακρὰ καὶ πολυήμερος, ὡς ἀναμένεται ὑπὸ πάντων τῶν κύκλων.

Η ΣΤΑΣΙΣ ΤΟΥ ΠΑΤΡΙΑΡΧΕΙΟΥ

Κατ' ἀκολουθίαν τῆς ἀπαιτήσεως ταύτης τῆς Ν. Πόλης συνεκλήθη χθὲς εἰς τὰ Πατριαρχεῖα ἔκτακτος σύνοδος τῶν Ἀρχιερέων.

ἐν τῷ μεταξὺ δὲ ἡ Κυβέρνησις ἀπεφάσισε νὰ καταθέσῃ εἰς τὴν Βουλὴν τὰ σχετικὰ νομοσχέδια, ἐν ὧν κατὰ τὴν προσεχῆ συνεδρίασιν θὰ γίνῃ συζήτησις μακρὰ καὶ πολυήμερος, ὡς ἀναμένεται ὑπὸ πάντων τῶν κύκλων.

ἐν τῷ μεταξὺ δὲ ἡ Κυβέρνησις ἀπεφάσισε νὰ καταθέσῃ εἰς τὴν Βουλὴν τὰ σχετικὰ νομοσχέδια, ἐν ὧν κατὰ τὴν προσεχῆ συνεδρίασιν θὰ γίνῃ συζήτησις μακρὰ καὶ πολυήμερος, ὡς ἀναμένεται ὑπὸ πάντων τῶν κύκλων.

ἐν τῷ μεταξὺ δὲ ἡ Κυβέρνησις ἀπεφάσισε νὰ καταθέσῃ εἰς τὴν Βουλὴν τὰ σχετικὰ νομοσχέδια, ἐν ὧν κατὰ τὴν προσεχῆ συνεδρίασιν θὰ γίνῃ συζήτησις μακρὰ καὶ πολυήμερος, ὡς ἀναμένεται ὑπὸ πάντων τῶν κύκλων.

ἐν τῷ μεταξὺ δὲ ἡ Κυβέρνησις ἀπεφάσισε νὰ καταθέσῃ εἰς τὴν Βουλὴν τὰ σχετικὰ νομοσχέδια, ἐν ὧν κατὰ τὴν προσεχῆ συνεδρίασιν θὰ γίνῃ συζήτησις μακρὰ καὶ πολυήμερος, ὡς ἀναμένεται ὑπὸ πάντων τῶν κύκλων.

ἐν τῷ μεταξὺ δὲ ἡ Κυβέρνησις ἀπεφάσισε νὰ καταθέσῃ εἰς τὴν Βουλὴν τὰ σχετικὰ νομοσχέδια, ἐν ὧν κατὰ τὴν προσεχῆ συνεδρίασιν θὰ γίνῃ συζήτησις μακρὰ καὶ πολυήμερος, ὡς ἀναμένεται ὑπὸ πάντων τῶν κύκλων.

ἐν τῷ μεταξὺ δὲ ἡ Κυβέρνησις ἀπεφάσισε νὰ καταθέσῃ εἰς τὴν Βουλὴν τὰ σχετικὰ νομοσχέδια, ἐν ὧν κατὰ τὴν προσεχῆ συνεδρίασιν θὰ γίνῃ συζήτησις μακρὰ καὶ πολυήμερος, ὡς ἀναμένεται ὑπὸ πάντων τῶν κύκλων.

ΜΝΗΜΟΣΥΝΟΝ ΕΝ ΒΟΛΟΣ
ΥΠΕΡ ΤΩΝ ΠΕΣΟΝΤΩΝ ΚΑΤΑ ΤΟΝ ΠΟΛΕΜΟΝ

ΒΟΛΟΣ, 28 Μαΐου.

Εἰς τὸ Βελεστῖνον καὶ πρὸ τοῦ ἡρώου Βελεστίνου ἐτελέσθη σήμερον μνημόσυνον ὑπὲρ τῶν πεσόντων κατὰ τὸν πόλεμον τοῦ 1897.

ἐν τῷ μεταξὺ δὲ ἡ Κυβέρνησις ἀπεφάσισε νὰ καταθέσῃ εἰς τὴν Βουλὴν τὰ σχετικὰ νομοσχέδια, ἐν ὧν κατὰ τὴν προσεχῆ συνεδρίασιν θὰ γίνῃ συζήτησις μακρὰ καὶ πολυήμερος, ὡς ἀναμένεται ὑπὸ πάντων τῶν κύκλων.

ἐν τῷ μεταξὺ δὲ ἡ Κυβέρνησις ἀπεφάσισε νὰ καταθέσῃ εἰς τὴν Βουλὴν τὰ σχετικὰ νομοσχέδια, ἐν ὧν κατὰ τὴν προσεχῆ συνεδρίασιν θὰ γίνῃ συζήτησις μακρὰ καὶ πολυήμερος, ὡς ἀναμένεται ὑπὸ πάντων τῶν κύκλων.

ἐν τῷ μεταξὺ δὲ ἡ Κυβέρνησις ἀπεφάσισε νὰ καταθέσῃ εἰς τὴν Βουλὴν τὰ σχετικὰ νομοσχέδια, ἐν ὧν κατὰ τὴν προσεχῆ συνεδρίασιν θὰ γίνῃ συζήτησις μακρὰ καὶ πολυήμερος, ὡς ἀναμένεται ὑπὸ πάντων τῶν κύκλων.

ἐν τῷ μεταξὺ δὲ ἡ Κυβέρνησις ἀπεφάσισε νὰ καταθέσῃ εἰς τὴν Βουλὴν τὰ σχετικὰ νομοσχέδια, ἐν ὧν κατὰ τὴν προσεχῆ συνεδρίασιν θὰ γίνῃ συζήτησις μακρὰ καὶ πολυήμερος, ὡς ἀναμένεται ὑπὸ πάντων τῶν κύκλων.

Η ΣΠΟΓΓΑΛΙΕΙΑ
ΕΙΣ ΤΗΝ ΦΛΩΡΙΔΑ

Ἡ Ἀμερικανικὴ Κυβέρνησις ἐζήτησεν διὰ τῆς παρ' ἡμῖν πρεσβείας της πληροφορίας περὶ τῶν εἰς τὴν Φλωρίδαν σπογγαλιέων.

ἐν τῷ μεταξὺ δὲ ἡ Κυβέρνησις ἀπεφάσισε νὰ καταθέσῃ εἰς τὴν Βουλὴν τὰ σχετικὰ νομοσχέδια, ἐν ὧν κατὰ τὴν προσεχῆ συνεδρίασιν θὰ γίνῃ συζήτησις μακρὰ καὶ πολυήμερος, ὡς ἀναμένεται ὑπὸ πάντων τῶν κύκλων.

ἐν τῷ μεταξὺ δὲ ἡ Κυβέρνησις ἀπεφάσισε νὰ καταθέσῃ εἰς τὴν Βουλὴν τὰ σχετικὰ νομοσχέδια, ἐν ὧν κατὰ τὴν προσεχῆ συνεδρίασιν θὰ γίνῃ συζήτησις μακρὰ καὶ πολυήμερος, ὡς ἀναμένεται ὑπὸ πάντων τῶν κύκλων.

ἐν τῷ μεταξὺ δὲ ἡ Κυβέρνησις ἀπεφάσισε νὰ καταθέσῃ εἰς τὴν Βουλὴν τὰ σχετικὰ νομοσχέδια, ἐν ὧν κατὰ τὴν προσεχῆ συνεδρίασιν θὰ γίνῃ συζήτησις μακρὰ καὶ πολυήμερος, ὡς ἀναμένεται ὑπὸ πάντων τῶν κύκλων.

Ἡ Α. Θ. Π. ὁ Οἰκουμενικὸς Πατριάρχης ἀμέσως ἅμα τῇ λήψει τοῦ ἐπισήμου, ὑπομνηματικοῦ τηλεγραφήματος.

ἐν τῷ μεταξὺ δὲ ἡ Κυβέρνησις ἀπεφάσισε νὰ καταθέσῃ εἰς τὴν Βουλὴν τὰ σχετικὰ νομοσχέδια, ἐν ὧν κατὰ τὴν προσεχῆ συνεδρίασιν θὰ γίνῃ συζήτησις μακρὰ καὶ πολυήμερος, ὡς ἀναμένεται ὑπὸ πάντων τῶν κύκλων.

ἐν τῷ μεταξὺ δὲ ἡ Κυβέρνησις ἀπεφάσισε νὰ καταθέσῃ εἰς τὴν Βουλὴν τὰ σχετικὰ νομοσχέδια, ἐν ὧν κατὰ τὴν προσεχῆ συνεδρίασιν θὰ γίνῃ συζήτησις μακρὰ καὶ πολυήμερος, ὡς ἀναμένεται ὑπὸ πάντων τῶν κύκλων.

ἐν τῷ μεταξὺ δὲ ἡ Κυβέρνησις ἀπεφάσισε νὰ καταθέσῃ εἰς τὴν Βουλὴν τὰ σχετικὰ νομοσχέδια, ἐν ὧν κατὰ τὴν προσεχῆ συνεδρίασιν θὰ γίνῃ συζήτησις μακρὰ καὶ πολυήμερος, ὡς ἀναμένεται ὑπὸ πάντων τῶν κύκλων.

ἐν τῷ μεταξὺ δὲ ἡ Κυβέρνησις ἀπεφάσισε νὰ καταθέσῃ εἰς τὴν Βουλὴν τὰ σχετικὰ νομοσχέδια, ἐν ὧν κατὰ τὴν προσεχῆ συνεδρίασιν θὰ γίνῃ συζήτησις μακρὰ καὶ πολυήμερος, ὡς ἀναμένεται ὑπὸ πάντων τῶν κύκλων.

ἐν τῷ μεταξὺ δὲ ἡ Κυβέρνησις ἀπεφάσισε νὰ καταθέσῃ εἰς τὴν Βουλὴν τὰ σχετικὰ νομοσχέδια, ἐν ὧν κατὰ τὴν προσεχῆ συνεδρίασιν θὰ γίνῃ συζήτησις μακρὰ καὶ πολυήμερος, ὡς ἀναμένεται ὑπὸ πάντων τῶν κύκλων.

ἐν τῷ μεταξὺ δὲ ἡ Κυβέρνησις ἀπεφάσισε νὰ καταθέσῃ εἰς τὴν Βουλὴν τὰ σχετικὰ νομοσχέδια, ἐν ὧν κατὰ τὴν προσεχῆ συνεδρίασιν θὰ γίνῃ συζήτησις μακρὰ καὶ πολυήμερος, ὡς ἀναμένεται ὑπὸ πάντων τῶν κύκλων.

ἐν τῷ μεταξὺ δὲ ἡ Κυβέρνησις ἀπεφάσισε νὰ καταθέσῃ εἰς τὴν Βουλὴν τὰ σχετικὰ νομοσχέδια, ἐν ὧν κατὰ τὴν προσεχῆ συνεδρίασιν θὰ γίνῃ συζήτησις μακρὰ καὶ πολυήμερος, ὡς ἀναμένεται ὑπὸ πάντων τῶν κύκλων.

ἐν τῷ μεταξὺ δὲ ἡ Κυβέρνησις ἀπεφάσισε νὰ καταθέσῃ εἰς τὴν Βουλὴν τὰ σχετικὰ νομοσχέδια, ἐν ὧν κατὰ τὴν προσεχῆ συνεδρίασιν θὰ γίνῃ συζήτησις μακρὰ καὶ πολυήμερος, ὡς ἀναμένεται ὑπὸ πάντων τῶν κύκλων.

ΑΙ ΕΣΩΤΕΡΙΚΑΙ ΕΡΙΔΕΣ

Ἀλλὰ τὸ λυπηρόν, λυπηρότατον καὶ ἐμβάλλον εἰς ἀληθινὰς σκέψεις εἶνε ὅτι, παρ' ὅλας τὰς δυσχερείας, ἐν τῷ Πατριαρχείῳ ὑφίστανται ἔριδες.

ἐν τῷ μεταξὺ δὲ ἡ Κυβέρνησις ἀπεφάσισε νὰ καταθέσῃ εἰς τὴν Βουλὴν τὰ σχετικὰ νομοσχέδια, ἐν ὧν κατὰ τὴν προσεχῆ συνεδρίασιν θὰ γίνῃ συζήτησις μακρὰ καὶ πολυήμερος, ὡς ἀναμένεται ὑπὸ πάντων τῶν κύκλων.

ἐν τῷ μεταξὺ δὲ ἡ Κυβέρνησις ἀπεφάσισε νὰ καταθέσῃ εἰς τὴν Βουλὴν τὰ σχετικὰ νομοσχέδια, ἐν ὧν κατὰ τὴν προσεχῆ συνεδρίασιν θὰ γίνῃ συζήτησις μακρὰ καὶ πολυήμερος, ὡς ἀναμένεται ὑπὸ πάντων τῶν κύκλων.

ἐν τῷ μεταξὺ δὲ ἡ Κυβέρνησις ἀπεφάσισε νὰ καταθέσῃ εἰς τὴν Βουλὴν τὰ σχετικὰ νομοσχέδια, ἐν ὧν κατὰ τὴν προσεχῆ συνεδρίασιν θὰ γίνῃ συζήτησις μακρὰ καὶ πολυήμερος, ὡς ἀναμένεται ὑπὸ πάντων τῶν κύκλων.

ἐν τῷ μεταξὺ δὲ ἡ Κυβέρνησις ἀπεφάσισε νὰ καταθέσῃ εἰς τὴν Βουλὴν τὰ σχετικὰ νομοσχέδια, ἐν ὧν κατὰ τὴν προσεχῆ συνεδρίασιν θὰ γίνῃ συζήτησις μακρὰ καὶ πολυήμερος, ὡς ἀναμένεται ὑπὸ πάντων τῶν κύκλων.

ἐν τῷ μεταξὺ δὲ ἡ Κυβέρνησις ἀπεφάσισε νὰ καταθέσῃ εἰς τὴν Βουλὴν τὰ σχετικὰ νομοσχέδια, ἐν ὧν κατὰ τὴν προσεχῆ συνεδρίασιν θὰ γίνῃ συζήτησις μακρὰ καὶ πολυήμερος, ὡς ἀναμένεται ὑπὸ πάντων τῶν κύκλων.

Η ΠΟΛΙΤΙΚΗ
ΚΑΤΑΣΤΑΣΙΣ
Η ΣΗΜΕΡΙΝΗ ΣΥΝΕΔΡΙΑΣΙΣ
ΠΟΙΑ ΝΟΜΟΣΧΕΔΙΑ ΘΑ ΠΡΟΤΑΧΘΟΥΝ
Η ΥΠΟΒΟΛΗ ΤΩΝ ΣΤΡΑΤΙΩΤΙΚΩΝ
Η ΑΠΟΦΑΣΙΣ
ΤΗΣ ΑΝΤΙΠΟΛΙΤΕΥΣΕΩΣ

Συμφώνως τῇ προχθεσινῇ ἀποφάσει τῆς Βουλῆς, εἰς τὴν σημερινὴν Ἡμερησίαν Διάταξιν ἀναγράφονται πρῶτον τὰ ἀστυνομικὰ νομοσχέδια.

ἐν τῷ μεταξὺ δὲ ἡ Κυβέρνησις ἀπεφάσισε νὰ καταθέσῃ εἰς τὴν Βουλὴν τὰ σχετικὰ νομοσχέδια, ἐν ὧν κατὰ τὴν προσεχῆ συνεδρίασιν θὰ γίνῃ συζήτησις μακρὰ καὶ πολυήμερος, ὡς ἀναμένεται ὑπὸ πάντων τῶν κύκλων.

ἐν τῷ μεταξὺ δὲ ἡ Κυβέρνησις ἀπεφάσισε νὰ καταθέσῃ εἰς τὴν Βουλὴν τὰ σχετικὰ νομοσχέδια, ἐν ὧν κατὰ τὴν προσεχῆ συνεδρίασιν θὰ γίνῃ συζήτησις μακρὰ καὶ πολυήμερος, ὡς ἀναμένεται ὑπὸ πάντων τῶν κύκλων.

ἐν τῷ μεταξὺ δὲ ἡ Κυβέρνησις ἀπεφάσισε νὰ καταθέσῃ εἰς τὴν Βουλὴν τὰ σχετικὰ νομοσχέδια, ἐν ὧν κατὰ τὴν προσεχῆ συνεδρίασιν θὰ γίνῃ συζήτησις μακρὰ καὶ πολυήμερος, ὡς ἀναμένεται ὑπὸ πάντων τῶν κύκλων.

ΤΑ ΣΤΡΑΤΙΩΤΙΚΑ ΝΟΜΟΣΧΕΔΙΑ

ἐν τῷ μεταξὺ δὲ ἡ Κυβέρνησις ἀπεφάσισε νὰ καταθέσῃ εἰς τὴν Βουλὴν τὰ σχετικὰ νομοσχέδια, ἐν ὧν κατὰ τὴν προσεχῆ συνεδρίασιν θὰ γίνῃ συζήτησις μακρὰ καὶ πολυήμερος, ὡς ἀναμένεται ὑπὸ πάντων τῶν κύκλων.

ἐν τῷ μεταξὺ δὲ ἡ Κυβέρνησις ἀπεφάσισε νὰ καταθέσῃ εἰς τὴν Βουλὴν τὰ σχετικὰ νομοσχέδια, ἐν ὧν κατὰ τὴν προσεχῆ συνεδρίασιν θὰ γίνῃ συζήτησις μακρὰ καὶ πολυήμερος, ὡς ἀναμένεται ὑπὸ πάντων τῶν κύκλων.

ἐν τῷ μεταξὺ δὲ ἡ Κυβέρνησις ἀπεφάσισε νὰ καταθέσῃ εἰς τὴν Βουλὴν τὰ σχετικὰ νομοσχέδια, ἐν ὧν κατὰ τὴν προσεχῆ συνεδρίασιν θὰ γίνῃ συζήτησις μακρὰ καὶ πολυήμερος, ὡς ἀναμένεται ὑπὸ πάντων τῶν κύκλων.

ἐν τῷ μεταξὺ δὲ ἡ Κυβέρνησις ἀπεφάσισε νὰ καταθέσῃ εἰς τὴν Βουλὴν τὰ σχετικὰ νομοσχέδια, ἐν ὧν κατὰ τὴν προσεχῆ συνεδρίασιν θὰ γίνῃ συζήτησις μακρὰ καὶ πολυήμερος, ὡς ἀναμένεται ὑπὸ πάντων τῶν κύκλων.

Η ΠΡΟΤΑΣΙΣ ΑΥΤΩΝ

ἐν τῷ μεταξὺ δὲ ἡ Κυβέρνησις ἀπεφάσισε νὰ καταθέσῃ εἰς τὴν Βουλὴν τὰ σχετικὰ νομοσχέδια, ἐν ὧν κατὰ τὴν προσεχῆ συνεδρίασιν θὰ γίνῃ συζήτησις μακρὰ καὶ πολυήμερος, ὡς ἀναμένεται ὑπὸ πάντων τῶν κύκλων.

ἐν τῷ μεταξὺ δὲ ἡ Κυβέρνησις ἀπεφάσισε νὰ καταθέσῃ εἰς τὴν Βουλὴν τὰ σχετικὰ νομοσχέδια, ἐν ὧν κατὰ τὴν προσεχῆ συνεδρίασιν θὰ γίνῃ συζήτησις μακρὰ καὶ πολυήμερος, ὡς ἀναμένεται ὑπὸ πάντων τῶν κύκλων.

ἐν τῷ μεταξὺ δὲ ἡ Κυβέρνησις ἀπεφάσισε νὰ καταθέσῃ εἰς τὴν Βουλὴν τὰ σχετικὰ νομοσχέδια, ἐν ὧν κατὰ τὴν προσεχῆ συνεδρίασιν θὰ γίνῃ συζήτησις μακρὰ καὶ πολυήμερος, ὡς ἀναμένεται ὑπὸ πάντων τῶν κύκλων.

Η ΑΠΟΦΑΣΙΣ ΤΗΣ ΑΝΤΙΠΟΛΙΤΕΥΣΕΩΣ

Ἀφ' ἑτέρου ἡ ἀντιπολίτευσις εἶνε ἀποφασισμένη νὰ πολεμήσῃ ὅλα τὰ νομοσχέδια ταῦτα.

ἐν τῷ μεταξὺ δὲ ἡ Κυβέρνησις ἀπεφάσισε νὰ καταθέσῃ εἰς τὴν Βουλὴν τὰ σχετικὰ νομοσχέδια, ἐν ὧν κατὰ τὴν προσεχῆ συνεδρίασιν θὰ γίνῃ συζήτησις μακρὰ καὶ πολυήμερος, ὡς ἀναμένεται ὑπὸ πάντων τῶν κύκλων.

ἐν τῷ μεταξὺ δὲ ἡ Κυβέρνησις ἀπεφάσισε νὰ καταθέσῃ εἰς τὴν Βουλὴν τὰ σχετικὰ νομοσχέδια, ἐν ὧν κατὰ τὴν προσεχῆ συνεδρίασιν θὰ γίνῃ συζήτησις μακρὰ καὶ πολυήμερος, ὡς ἀναμένεται ὑπὸ πάντων τῶν κύκλων.

ἐν τῷ μεταξὺ δὲ ἡ Κυβέρνησις ἀπεφάσισε νὰ καταθέσῃ εἰς τὴν Βουλὴν τὰ σχετικὰ νομοσχέδια, ἐν ὧν κατὰ τὴν προσεχῆ συνεδρίασιν θὰ γίνῃ συζήτησις μακρὰ καὶ πολυήμερος, ὡς ἀναμένεται ὑπὸ πάντων τῶν κύκλων.

ἐν τῷ μεταξὺ δὲ ἡ Κυβέρνησις ἀπεφάσισε νὰ καταθέσῃ εἰς τὴν Βουλὴν τὰ σχετικὰ νομοσχέδια, ἐν ὧν κατὰ τὴν προσεχῆ συνεδρίασιν θὰ γίνῃ συζήτησις μακρὰ καὶ πολυήμερος, ὡς ἀναμένεται ὑπὸ πάντων τῶν κύκλων.

ἐν τῷ μεταξὺ δὲ ἡ Κυβέρνησις ἀπεφάσισε νὰ καταθέσῃ εἰς τὴν Βουλὴν τὰ σχετικὰ νομοσχέδια, ἐν ὧν κατὰ τὴν προσεχῆ συνεδρίασιν θὰ γίνῃ συζήτησις μακρὰ καὶ πολυήμερος, ὡς ἀναμένεται ὑπὸ πάντων τῶν κύκλων.

ΟΙ ΕΝ ΡΟΥΜΑΝΙΑ ΔΙΩΓΜΟΙ
Ο ΟΙΚΟΣ ΣΤΑΘΑΤΟΥ

Κατὰ πληροφορίας γνωσθείσας καὶ εἰς Πειραιᾶ ὁ ἐν Ρουμανίᾳ ἐδρεύων μέγας ἀρματιστικὸς οἶκος Σταθάτου.

ἐν τῷ μεταξὺ δὲ ἡ Κυβέρνησις ἀπεφάσισε νὰ καταθέσῃ εἰς τὴν Βουλὴν τὰ σχετικὰ νομοσχέδια, ἐν ὧν κατὰ τὴν προσεχῆ συνεδρίασιν θὰ γίνῃ συζήτησις μακρὰ καὶ πολυήμερος, ὡς ἀναμένεται ὑπὸ πάντων τῶν κύκλων.

ἐν τῷ μεταξὺ δὲ ἡ Κυβέρνησις ἀπεφάσισε νὰ καταθέσῃ εἰς τὴν Βουλὴν τὰ σχετικὰ νομοσχέδια, ἐν ὧν κατὰ τὴν προσεχῆ συνεδρίασιν θὰ γίνῃ συζήτησις μακρὰ καὶ πολυήμερος, ὡς ἀναμένεται ὑπὸ πάντων τῶν κύκλων.

Η ΚΑΤΑΔΙΩΞΙΣ
ΤΟΥ κ. ΒΙΤΑΛΗ

Τὸ Προεδρεῖον τῆς Βουλῆς ἐπεβίβασεν εἰς τὸν Ὑπουργὸν τῆς Δικαιοσύνης τὴν ἀπόφασιν τῆς Βουλῆς.

ἐν τῷ μεταξὺ δὲ ἡ Κυβέρνησις ἀπεφάσισε νὰ καταθέσῃ εἰς τὴν Βουλὴν τὰ σχετικὰ νομοσχέδια, ἐν ὧν κατὰ τὴν προσεχῆ συνεδρίασιν θὰ γίνῃ συζήτησις μακρὰ καὶ πολυήμερος, ὡς ἀναμένεται ὑπὸ πάντων τῶν κύκλων.

ἐν τῷ μεταξὺ δὲ ἡ Κυβέρνησις ἀπεφάσισε νὰ καταθέσῃ εἰς τὴν Βουλὴν τὰ σχετικὰ νομοσχέδια, ἐν ὧν κατὰ τὴν προσεχῆ συνεδρίασιν θὰ γίνῃ συζήτησις μακρὰ καὶ πολυήμερος, ὡς ἀναμένεται ὑπὸ πάντων τῶν κύκλων.

Η ΑΣΘΕΝΕΙΑ ΤΟΥ ΣΟΥΛΤΑΝΟΥ
ΑΙ ΘΛΙΨΕΙΣ ΚΑΙ ΑΓΩΝΙΑΙ ΤΟΥ
(ΤΟΥ ΑΝΤΑΠΟΚΡΙΤΟΥ ΜΑΣ)

ΚΩΝ)ΠΟΛΙΣ, 26 Μαΐου.

Ὁ Σουλτάνος εὑρίσκεται ἐν πολὺ ἀνησυχητικῇ καταστάσει, αἱ ἐκ τοῦ Σεραγίου πληροφορίαι εἶνε ἀπογοητευτικαί.

ἐν τῷ μεταξὺ δὲ ἡ Κυβέρνησις ἀπεφάσισε νὰ καταθέσῃ εἰς τὴν Βουλὴν τὰ σχετικὰ νομοσχέδια, ἐν ὧν κατὰ τὴν προσεχῆ συνεδρίασιν θὰ γίνῃ συζήτησις μακρὰ καὶ πολυήμερος, ὡς ἀναμένεται ὑπὸ πάντων τῶν κύκλων.

ἐν τῷ μεταξὺ δὲ ἡ Κυβέρνησις ἀπεφάσισε νὰ καταθέσῃ εἰς τὴν Βουλὴν τὰ σχετικὰ νομοσχέδια, ἐν ὧν κατὰ τὴν προσεχῆ συνεδρίασιν θὰ γίνῃ συζήτησις μακρὰ καὶ πολυήμερος, ὡς ἀναμένεται ὑπὸ πάντων τῶν κύκλων.

ἐν τῷ μεταξὺ δὲ ἡ Κυβέρνησις ἀπεφάσισε νὰ καταθέσῃ εἰς τὴν Βουλὴν τὰ σχετικὰ νομοσχέδια, ἐν ὧν κατὰ τὴν προσεχῆ συνεδρίασιν θὰ γίνῃ συζήτησις μακρὰ καὶ πολυήμερος, ὡς ἀναμένεται ὑπὸ πάντων τῶν κύκλων.

ἐν τῷ μεταξὺ δὲ ἡ Κυβέρνησις ἀπεφάσισε νὰ καταθέσῃ εἰς τὴν Βουλὴν τὰ σχετικὰ νομοσχέδια, ἐν ὧν κατὰ τὴν προσεχῆ συνεδρίασιν θὰ γίνῃ συζήτησις μακρὰ καὶ πολυήμερος, ὡς ἀναμένεται ὑπὸ πάντων τῶν κύκλων.

ἐν τῷ μεταξὺ δὲ ἡ Κυβέρνησις ἀπεφάσισε νὰ καταθέσῃ εἰς τὴν Βουλὴν τὰ σχετικὰ νομοσχέδια, ἐν ὧν κατὰ τὴν προσεχῆ συνεδρίασιν θὰ γίνῃ συζήτησις μακρὰ καὶ πολυήμερος, ὡς ἀναμένεται ὑπὸ πάντων τῶν κύκλων.

ἐν τῷ μεταξὺ δὲ ἡ Κυβέρνησις ἀπεφάσισε νὰ καταθέσῃ εἰς τὴν Βουλὴν τὰ σχετικὰ νομοσχέδια, ἐν ὧν κατὰ τὴν προσεχῆ συνεδρίασιν θὰ γίνῃ συζήτησις μακρὰ καὶ πολυήμερος, ὡς ἀναμένεται ὑπὸ πάντων τῶν κύκλων.

ἐν τῷ μεταξὺ δὲ ἡ Κυβέρνησις ἀπεφάσισε νὰ καταθέσῃ εἰς τὴν Βουλὴν τὰ σχετικὰ νομοσχέδια, ἐν ὧν κατὰ τὴν προσεχῆ συνεδρίασιν θὰ γίνῃ συζήτησις μακρὰ καὶ πολυήμερος, ὡς ἀναμένεται ὑπὸ πάντων τῶν κύκλων.

ἐν τῷ μεταξὺ δὲ ἡ Κυβέρνησις ἀπεφάσισε νὰ καταθέσῃ εἰς τὴν Βουλὴν τὰ σχετικὰ νομοσχέδια, ἐν ὧν κατὰ τὴν προσεχῆ συνεδρίασιν θὰ γίνῃ συζήτησις μακρὰ καὶ πολυήμερος, ὡς ἀναμένεται ὑπὸ πάντων τῶν κύκλων.

ΤΑ ΕΝ ΚΟΥΡΔΙΣΤΑΝ
ΑΝΗΣΥΧΗΤΙΚΗ Η ΚΑΤΑΣΤΑΣΙΣ
ΣΤΡΑΤΙΩΤΙΚΑΙ ΚΙΝΗΤΟΠΟΙΗΣΕΙΣ
(ΤΟΥ ΑΝΤΑΠΟΚΡΙΤΟΥ ΜΑΣ)

ΚΩΝ)ΠΟΛΙΣ, 26 Μαΐου.

Ἐμπιστευτικὸν τηλεγράφημα τοῦ μουτεσαρίφου Γκερὰκ Μουσταφᾶ Βέη, ἀδελφοῦ τοῦ Ἠλὶ Σαμπρῆ.

ἐν τῷ μεταξὺ δὲ ἡ Κυβέρνησις ἀπεφάσισε νὰ καταθέσῃ εἰς τὴν Βουλὴν τὰ σχετικὰ νομοσχέδια, ἐν ὧν κατὰ τὴν προσεχῆ συνεδρίασιν θὰ γίνῃ συζήτησις μακρὰ καὶ πολυήμερος, ὡς ἀναμένεται ὑπὸ πάντων τῶν κύκλων.

ἐν τῷ μεταξὺ δὲ ἡ Κυβέρνησις ἀπεφάσισε νὰ καταθέσῃ εἰς τὴν Βουλὴν τὰ σχετικὰ νομοσχέδια, ἐν ὧν κατὰ τὴν προσεχῆ συνεδρίασιν θὰ γίνῃ συζήτησις μακρὰ καὶ πολυήμερος, ὡς ἀναμένεται ὑπὸ πάντων τῶν κύκλων.

ἐν τῷ μεταξὺ δὲ ἡ Κυβέρνησις ἀπεφάσισε νὰ καταθέσῃ εἰς τὴν Βουλὴν τὰ σχετικὰ νομοσχέδια, ἐν ὧν κατὰ τὴν προσεχῆ συνεδρίασιν θὰ γίνῃ συζήτησις μακρὰ καὶ πολυήμερος, ὡς ἀναμένεται ὑπὸ πάντων τῶν κύκλων.
